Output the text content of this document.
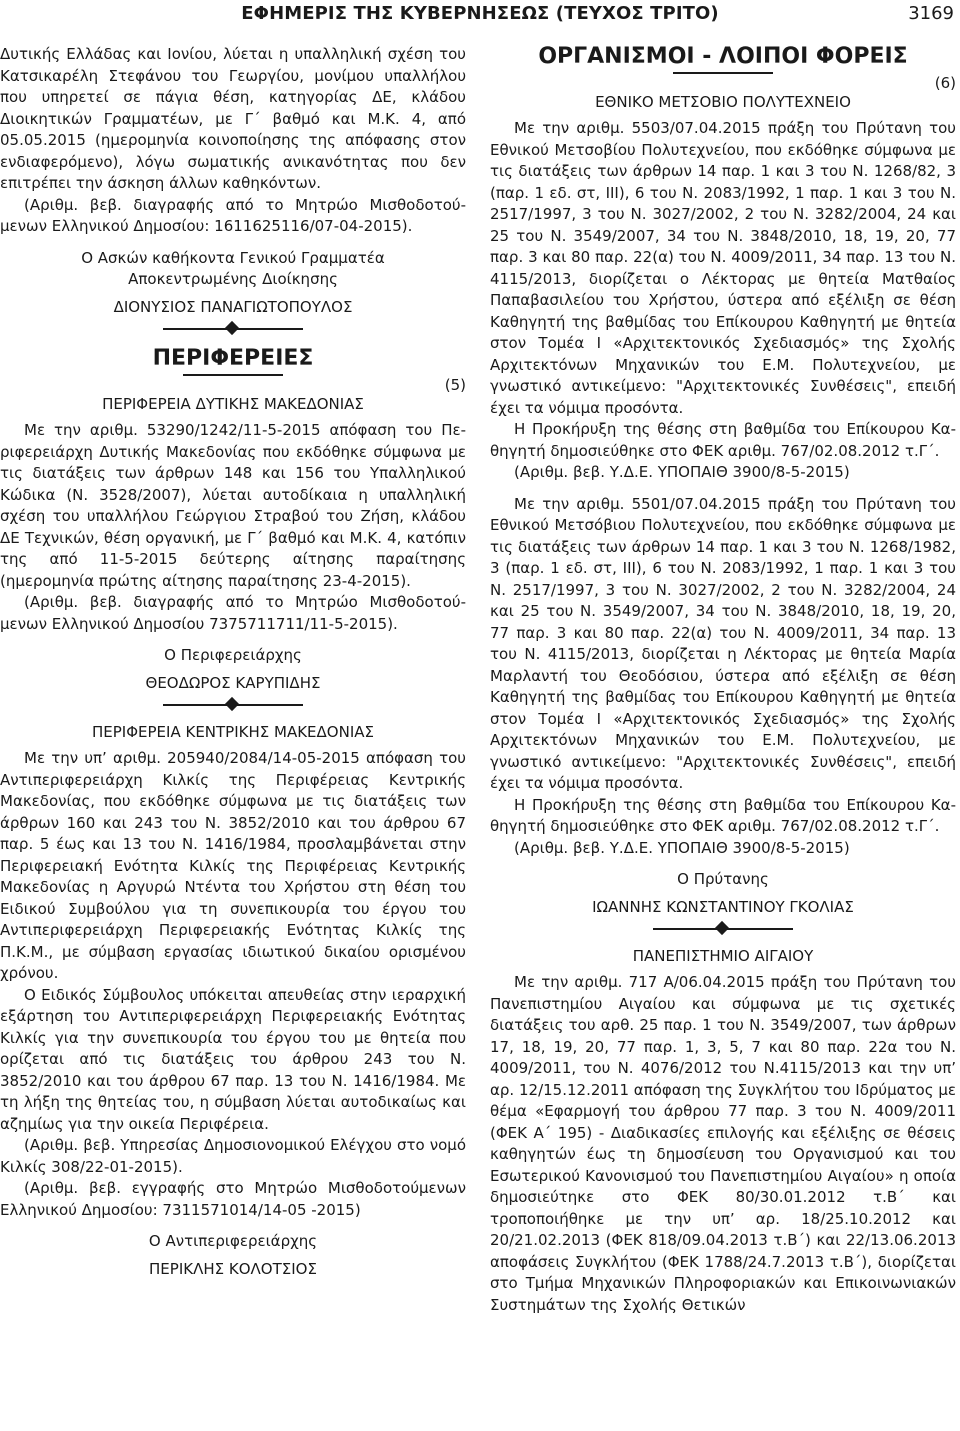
ΕΦΗΜΕΡΙΣ ΤΗΣ ΚΥΒΕΡΝΗΣΕΩΣ (ΤΕΥΧΟΣ ΤΡΙΤΟ)	3169

Δυτικής Ελλάδας και Ιονίου, λύεται η υπαλληλική σχέση του Κατσικαρέλη Στεφάνου του Γεωργίου, μονίμου υπαλλήλου που υπηρετεί σε πάγια θέση, κατηγορίας ΔΕ, κλάδου Διοικητικών Γραμματέων, με Γ΄ βαθμό και Μ.Κ. 4, από 05.05.2015 (ημερομηνία κοινοποίησης της απόφασης στον ενδιαφερόμενο), λόγω σωματικής ανικανότητας που δεν επιτρέπει την άσκηση άλλων καθηκόντων.

(Αριθμ. βεβ. διαγραφής από το Μητρώο Μισθοδοτούμενων Ελληνικού Δημοσίου: 1611625116/07-04-2015).

Ο Ασκών καθήκοντα Γενικού Γραμματέα

Αποκεντρωμένης Διοίκησης

ΔΙΟΝΥΣΙΟΣ ΠΑΝΑΓΙΩΤΟΠΟΥΛΟΣ

ΠΕΡΙΦΕΡΕΙΕΣ

(5)

ΠΕΡΙΦΕΡΕΙΑ ΔΥΤΙΚΗΣ ΜΑΚΕΔΟΝΙΑΣ

Με την αριθμ. 53290/1242/11-5-2015 απόφαση του Περιφερειάρχη Δυτικής Μακεδονίας που εκδόθηκε σύμφωνα με τις διατάξεις των άρθρων 148 και 156 του Υπαλληλικού Κώδικα (Ν. 3528/2007), λύεται αυτοδίκαια η υπαλληλική σχέση του υπαλλήλου Γεώργιου Στραβού του Ζήση, κλάδου ΔΕ Τεχνικών, θέση οργανική, με Γ΄ βαθμό και Μ.Κ. 4, κατόπιν της από 11-5-2015 δεύτερης αίτησης παραίτησης (ημερομηνία πρώτης αίτησης παραίτησης 23-4-2015).

(Αριθμ. βεβ. διαγραφής από το Μητρώο Μισθοδοτούμενων Ελληνικού Δημοσίου 7375711711/11-5-2015).

Ο Περιφερειάρχης

ΘΕΟΔΩΡΟΣ ΚΑΡΥΠΙΔΗΣ

ΠΕΡΙΦΕΡΕΙΑ ΚΕΝΤΡΙΚΗΣ ΜΑΚΕΔΟΝΙΑΣ

Με την υπ’ αριθμ. 205940/2084/14-05-2015 απόφαση του Αντιπεριφερειάρχη Κιλκίς της Περιφέρειας Κεντρικής Μακεδονίας, που εκδόθηκε σύμφωνα με τις διατάξεις των άρθρων 160 και 243 του Ν. 3852/2010 και του άρθρου 67 παρ. 5 έως και 13 του Ν. 1416/1984, προσλαμβάνεται στην Περιφερειακή Ενότητα Κιλκίς της Περιφέρειας Κεντρικής Μακεδονίας η Αργυρώ Ντέντα του Χρήστου στη θέση του Ειδικού Συμβούλου για τη συνεπικουρία του έργου του Αντιπεριφερειάρχη Περιφερειακής Ενότητας Κιλκίς της Π.Κ.Μ., με σύμβαση εργασίας ιδιωτικού δικαίου ορισμένου χρόνου.

Ο Ειδικός Σύμβουλος υπόκειται απευθείας στην ιεραρχική εξάρτηση του Αντιπεριφερειάρχη Περιφερειακής Ενότητας Κιλκίς για την συνεπικουρία του έργου του με θητεία που ορίζεται από τις διατάξεις του άρθρου 243 του Ν. 3852/2010 και του άρθρου 67 παρ. 13 του Ν. 1416/1984. Με τη λήξη της θητείας του, η σύμβαση λύεται αυτοδικαίως και αζημίως για την οικεία Περιφέρεια.

(Αριθμ. βεβ. Υπηρεσίας Δημοσιονομικού Ελέγχου στο νομό Κιλκίς 308/22-01-2015).

(Αριθμ. βεβ. εγγραφής στο Μητρώο Μισθοδοτούμενων Ελληνικού Δημοσίου: 7311571014/14-05 -2015)

Ο Αντιπεριφερειάρχης

ΠΕΡΙΚΛΗΣ ΚΟΛΟΤΣΙΟΣ

ΟΡΓΑΝΙΣΜΟΙ - ΛΟΙΠΟΙ ΦΟΡΕΙΣ

(6)

ΕΘΝΙΚΟ ΜΕΤΣΟΒΙΟ ΠΟΛΥΤΕΧΝΕΙΟ

Με την αριθμ. 5503/07.04.2015 πράξη του Πρύτανη του Εθνικού Μετσοβίου Πολυτεχνείου, που εκδόθηκε σύμφωνα με τις διατάξεις των άρθρων 14 παρ. 1 και 3 του Ν. 1268/82, 3 (παρ. 1 εδ. στ, ΙΙΙ), 6 του Ν. 2083/1992, 1 παρ. 1 και 3 του Ν. 2517/1997, 3 του Ν. 3027/2002, 2 του Ν. 3282/2004, 24 και 25 του Ν. 3549/2007, 34 του Ν. 3848/2010, 18, 19, 20, 77 παρ. 3 και 80 παρ. 22(α) του Ν. 4009/2011, 34 παρ. 13 του Ν. 4115/2013, διορίζεται ο Λέκτορας με θητεία Ματθαίος Παπαβασιλείου του Χρήστου, ύστερα από εξέλιξη σε θέση Καθηγητή της βαθμίδας του Επίκουρου Καθηγητή με θητεία στον Τομέα Ι «Αρχιτεκτονικός Σχεδιασμός» της Σχολής Αρχιτεκτόνων Μηχανικών του Ε.Μ. Πολυτεχνείου, με γνωστικό αντικείμενο: "Αρχιτεκτονικές Συνθέσεις", επειδή έχει τα νόμιμα προσόντα.

Η Προκήρυξη της θέσης στη βαθμίδα του Επίκουρου Καθηγητή δημοσιεύθηκε στο ΦΕΚ αριθμ. 767/02.08.2012 τ.Γ΄.

(Αριθμ. βεβ. Υ.Δ.Ε. ΥΠΟΠΑΙΘ 3900/8-5-2015)

Με την αριθμ. 5501/07.04.2015 πράξη του Πρύτανη του Εθνικού Μετσόβιου Πολυτεχνείου, που εκδόθηκε σύμφωνα με τις διατάξεις των άρθρων 14 παρ. 1 και 3 του Ν. 1268/1982, 3 (παρ. 1 εδ. στ, ΙΙΙ), 6 του Ν. 2083/1992, 1 παρ. 1 και 3 του Ν. 2517/1997, 3 του Ν. 3027/2002, 2 του Ν. 3282/2004, 24 και 25 του Ν. 3549/2007, 34 του Ν. 3848/2010, 18, 19, 20, 77 παρ. 3 και 80 παρ. 22(α) του Ν. 4009/2011, 34 παρ. 13 του Ν. 4115/2013, διορίζεται η Λέκτορας με θητεία Μαρία Μαρλαντή του Θεοδόσιου, ύστερα από εξέλιξη σε θέση Καθηγητή της βαθμίδας του Επίκουρου Καθηγητή με θητεία στον Τομέα Ι «Αρχιτεκτονικός Σχεδιασμός» της Σχολής Αρχιτεκτόνων Μηχανικών του Ε.Μ. Πολυτεχνείου, με γνωστικό αντικείμενο: "Αρχιτεκτονικές Συνθέσεις", επειδή έχει τα νόμιμα προσόντα.

Η Προκήρυξη της θέσης στη βαθμίδα του Επίκουρου Καθηγητή δημοσιεύθηκε στο ΦΕΚ αριθμ. 767/02.08.2012 τ.Γ΄.

(Αριθμ. βεβ. Υ.Δ.Ε. ΥΠΟΠΑΙΘ 3900/8-5-2015)

Ο Πρύτανης

ΙΩΑΝΝΗΣ ΚΩΝΣΤΑΝΤΙΝΟΥ ΓΚΟΛΙΑΣ

ΠΑΝΕΠΙΣΤΗΜΙΟ ΑΙΓΑΙΟΥ

Με την αριθμ. 717 Α/06.04.2015 πράξη του Πρύτανη του Πανεπιστημίου Αιγαίου και σύμφωνα με τις σχετικές διατάξεις του αρθ. 25 παρ. 1 του Ν. 3549/2007, των άρθρων 17, 18, 19, 20, 77 παρ. 1, 3, 5, 7 και 80 παρ. 22α του Ν. 4009/2011, του Ν. 4076/2012 του Ν.4115/2013 και την υπ’ αρ. 12/15.12.2011 απόφαση της Συγκλήτου του Ιδρύματος με θέμα «Εφαρμογή του άρθρου 77 παρ. 3 του Ν. 4009/2011 (ΦΕΚ Α΄ 195) - Διαδικασίες επιλογής και εξέλιξης σε θέσεις καθηγητών έως τη δημοσίευση του Οργανισμού και του Εσωτερικού Κανονισμού του Πανεπιστημίου Αιγαίου» η οποία δημοσιεύτηκε στο ΦΕΚ 80/30.01.2012 τ.Β΄ και τροποποιήθηκε με την υπ’ αρ. 18/25.10.2012 και 20/21.02.2013 (ΦΕΚ 818/09.04.2013 τ.Β΄) και 22/13.06.2013 αποφάσεις Συγκλήτου (ΦΕΚ 1788/24.7.2013 τ.Β΄), διορίζεται στο Τμήμα Μηχανικών Πληροφοριακών και Επικοινωνιακών Συστημάτων της Σχολής Θετικών
